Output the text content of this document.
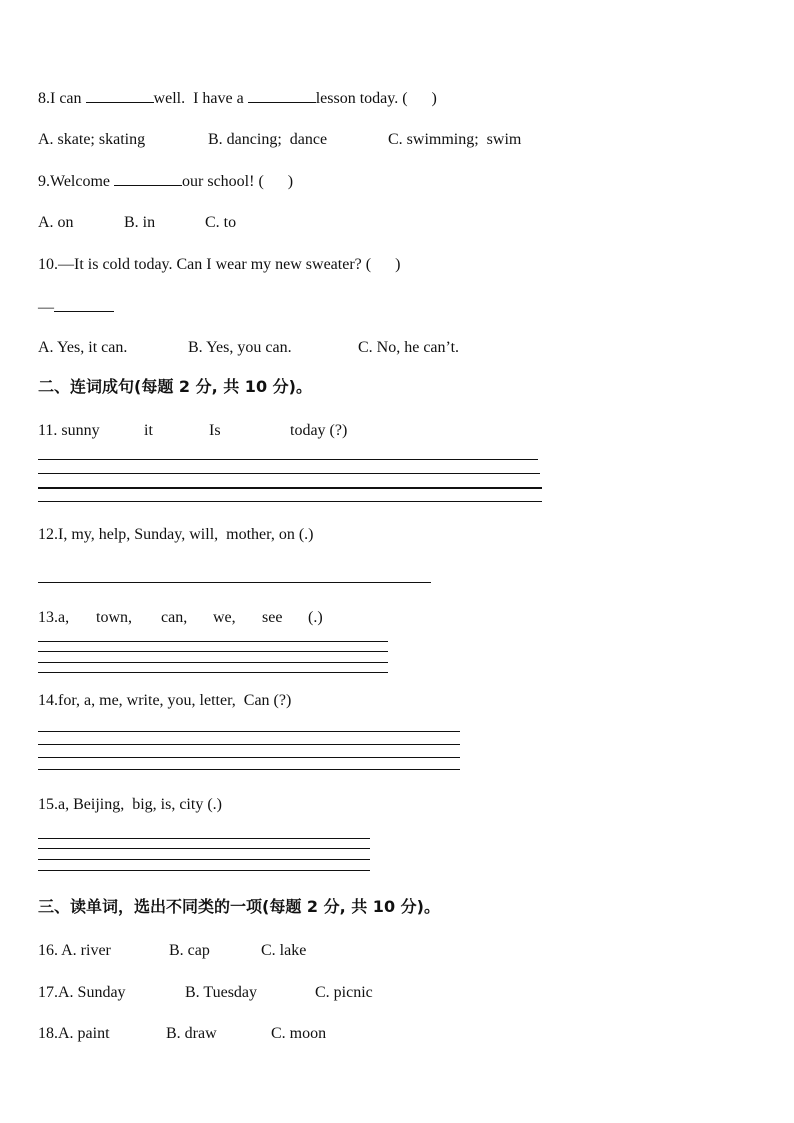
8.I can	well.  I have a	lesson today. (      )
A. skate; skating	B. dancing;  dance	C. swimming;  swim
9.Welcome	our school! (      )
A. on	B. in	C. to
10.—It is cold today. Can I wear my new sweater? (      )
—
A. Yes, it can.	B. Yes, you can.	C. No, he can’t.
二、连词成句(每题 2 分, 共 10 分)。
11. sunny	it	Is	today (?)
12.I, my, help, Sunday, will,  mother, on (.)
13.a, town, can, we, see (.)
14.for, a, me, write, you, letter,  Can (?)
15.a, Beijing,  big, is, city (.)
三、读单词，选出不同类的一项(每题 2 分, 共 10 分)。
16. A. river	B. cap	C. lake
17.A. Sunday	B. Tuesday	C. picnic
18.A. paint	B. draw	C. moon
